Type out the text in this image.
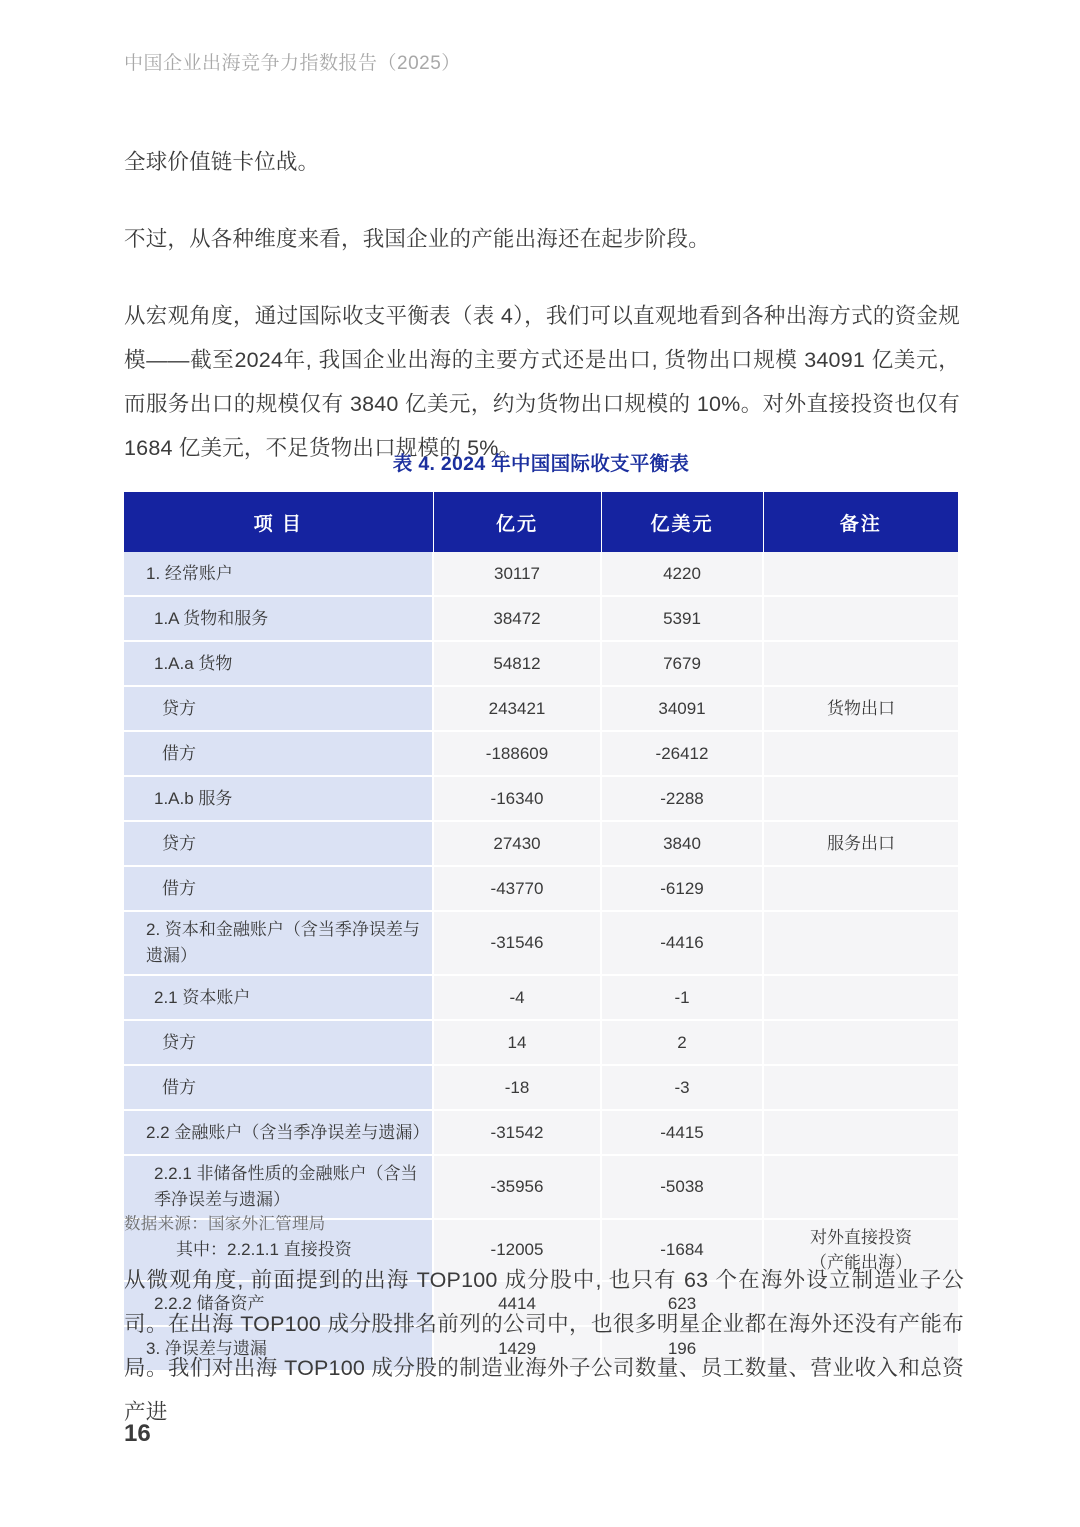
中国企业出海竞争力指数报告（2025）

全球价值链卡位战。

不过，从各种维度来看，我国企业的产能出海还在起步阶段。

从宏观角度，通过国际收支平衡表（表 4），我们可以直观地看到各种出海方式的资金规模——截至2024年, 我国企业出海的主要方式还是出口, 货物出口规模 34091 亿美元，而服务出口的规模仅有 3840 亿美元，约为货物出口规模的 10%。对外直接投资也仅有 1684 亿美元，不足货物出口规模的 5%。

表 4. 2024 年中国国际收支平衡表
项 目	亿元	亿美元	备注
1. 经常账户	30117	4220	
1.A 货物和服务	38472	5391	
1.A.a 货物	54812	7679	
贷方	243421	34091	货物出口
借方	-188609	-26412	
1.A.b 服务	-16340	-2288	
贷方	27430	3840	服务出口
借方	-43770	-6129	
2. 资本和金融账户（含当季净误差与遗漏）	-31546	-4416	
2.1 资本账户	-4	-1	
贷方	14	2	
借方	-18	-3	
2.2 金融账户（含当季净误差与遗漏）	-31542	-4415	
2.2.1 非储备性质的金融账户（含当季净误差与遗漏）	-35956	-5038	
其中：2.2.1.1 直接投资	-12005	-1684	对外直接投资
（产能出海）
2.2.2 储备资产	4414	623	
3. 净误差与遗漏	1429	196	
数据来源：国家外汇管理局

从微观角度, 前面提到的出海 TOP100 成分股中, 也只有 63 个在海外设立制造业子公司。在出海 TOP100 成分股排名前列的公司中，也很多明星企业都在海外还没有产能布局。我们对出海 TOP100 成分股的制造业海外子公司数量、员工数量、营业收入和总资产进

16
